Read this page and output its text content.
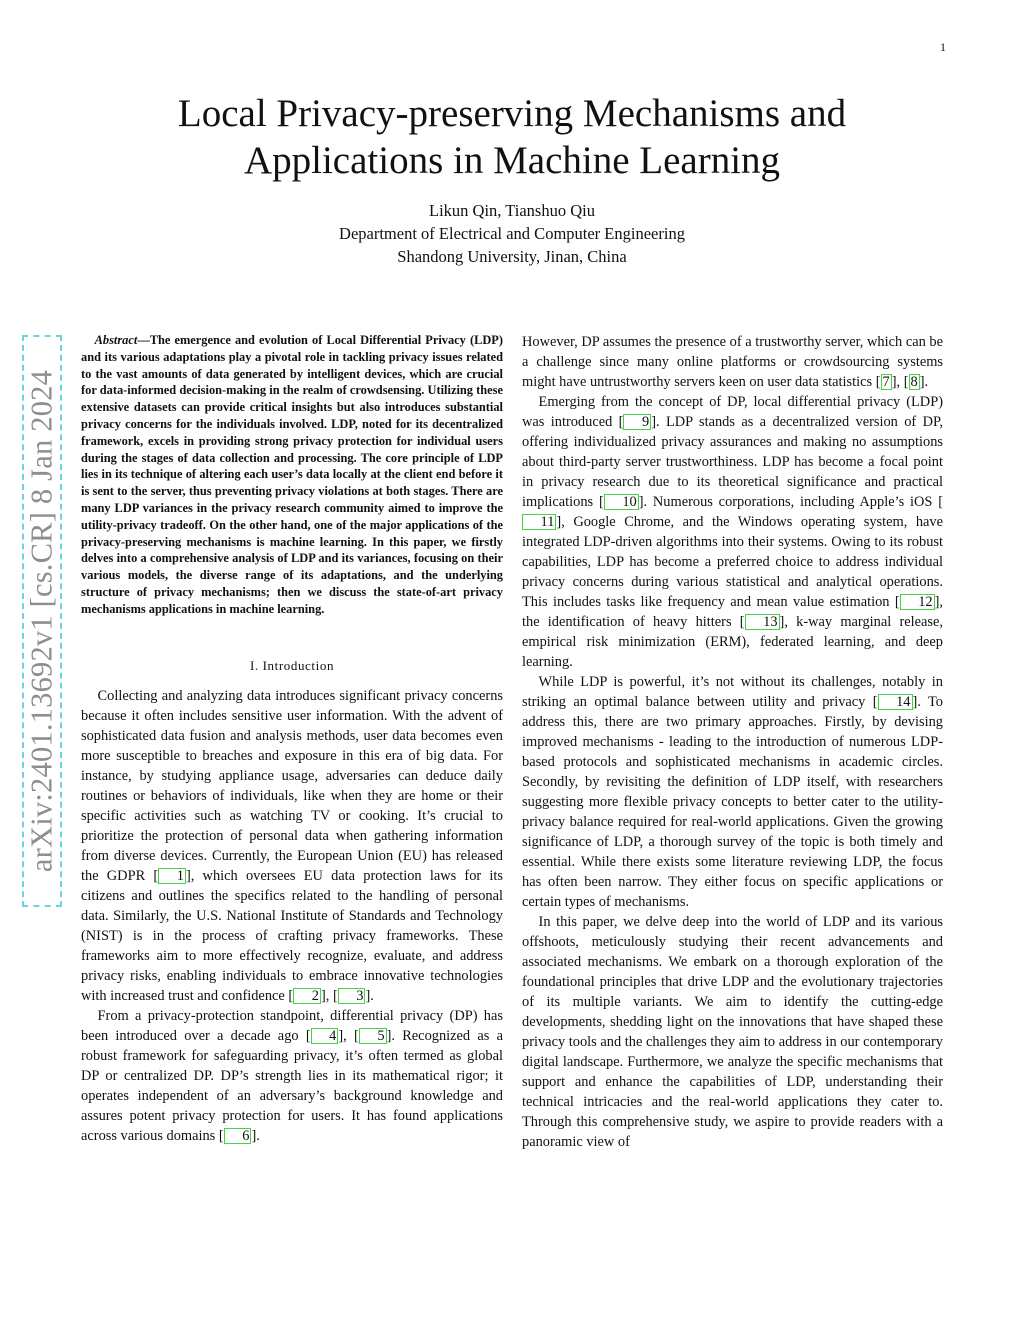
1
arXiv:2401.13692v1 [cs.CR] 8 Jan 2024
Local Privacy-preserving Mechanisms and
Applications in Machine Learning
Likun Qin, Tianshuo Qiu
Department of Electrical and Computer Engineering
Shandong University, Jinan, China

Abstract—The emergence and evolution of Local Differential Privacy (LDP) and its various adaptations play a pivotal role in tackling privacy issues related to the vast amounts of data generated by intelligent devices, which are crucial for data-informed decision-making in the realm of crowdsensing. Utilizing these extensive datasets can provide critical insights but also introduces substantial privacy concerns for the individuals involved. LDP, noted for its decentralized framework, excels in providing strong privacy protection for individual users during the stages of data collection and processing. The core principle of LDP lies in its technique of altering each user’s data locally at the client end before it is sent to the server, thus preventing privacy violations at both stages. There are many LDP variances in the privacy research community aimed to improve the utility-privacy tradeoff. On the other hand, one of the major applications of the privacy-preserving mechanisms is machine learning. In this paper, we firstly delves into a comprehensive analysis of LDP and its variances, focusing on their various models, the diverse range of its adaptations, and the underlying structure of privacy mechanisms; then we discuss the state-of-art privacy mechanisms applications in machine learning.

I. Introduction

Collecting and analyzing data introduces significant privacy concerns because it often includes sensitive user information. With the advent of sophisticated data fusion and analysis methods, user data becomes even more susceptible to breaches and exposure in this era of big data. For instance, by studying appliance usage, adversaries can deduce daily routines or behaviors of individuals, like when they are home or their specific activities such as watching TV or cooking. It’s crucial to prioritize the protection of personal data when gathering information from diverse devices. Currently, the European Union (EU) has released the GDPR [ 1 ], which oversees EU data protection laws for its citizens and outlines the specifics related to the handling of personal data. Similarly, the U.S. National Institute of Standards and Technology (NIST) is in the process of crafting privacy frameworks. These frameworks aim to more effectively recognize, evaluate, and address privacy risks, enabling individuals to embrace innovative technologies with increased trust and confidence [ 2 ], [ 3 ].

From a privacy-protection standpoint, differential privacy (DP) has been introduced over a decade ago [ 4 ], [ 5 ]. Recognized as a robust framework for safeguarding privacy, it’s often termed as global DP or centralized DP. DP’s strength lies in its mathematical rigor; it operates independent of an adversary’s background knowledge and assures potent privacy protection for users. It has found applications across various domains [ 6 ].

However, DP assumes the presence of a trustworthy server, which can be a challenge since many online platforms or crowdsourcing systems might have untrustworthy servers keen on user data statistics [ 7 ], [ 8 ].

Emerging from the concept of DP, local differential privacy (LDP) was introduced [ 9 ]. LDP stands as a decentralized version of DP, offering individualized privacy assurances and making no assumptions about third-party server trustworthiness. LDP has become a focal point in privacy research due to its theoretical significance and practical implications [ 10 ]. Numerous corporations, including Apple’s iOS [11 ], Google Chrome, and the Windows operating system, have integrated LDP-driven algorithms into their systems. Owing to its robust capabilities, LDP has become a preferred choice to address individual privacy concerns during various statistical and analytical operations. This includes tasks like frequency and mean value estimation [ 12 ], the identification of heavy hitters [ 13 ], k-way marginal release, empirical risk minimization (ERM), federated learning, and deep learning.

While LDP is powerful, it’s not without its challenges, notably in striking an optimal balance between utility and privacy [ 14 ]. To address this, there are two primary approaches. Firstly, by devising improved mechanisms - leading to the introduction of numerous LDP-based protocols and sophisticated mechanisms in academic circles. Secondly, by revisiting the definition of LDP itself, with researchers suggesting more flexible privacy concepts to better cater to the utility-privacy balance required for real-world applications. Given the growing significance of LDP, a thorough survey of the topic is both timely and essential. While there exists some literature reviewing LDP, the focus has often been narrow. They either focus on specific applications or certain types of mechanisms.

In this paper, we delve deep into the world of LDP and its various offshoots, meticulously studying their recent advancements and associated mechanisms. We embark on a thorough exploration of the foundational principles that drive LDP and the evolutionary trajectories of its multiple variants. We aim to identify the cutting-edge developments, shedding light on the innovations that have shaped these privacy tools and the challenges they aim to address in our contemporary digital landscape. Furthermore, we analyze the specific mechanisms that support and enhance the capabilities of LDP, understanding their technical intricacies and the real-world applications they cater to. Through this comprehensive study, we aspire to provide readers with a panoramic view of
